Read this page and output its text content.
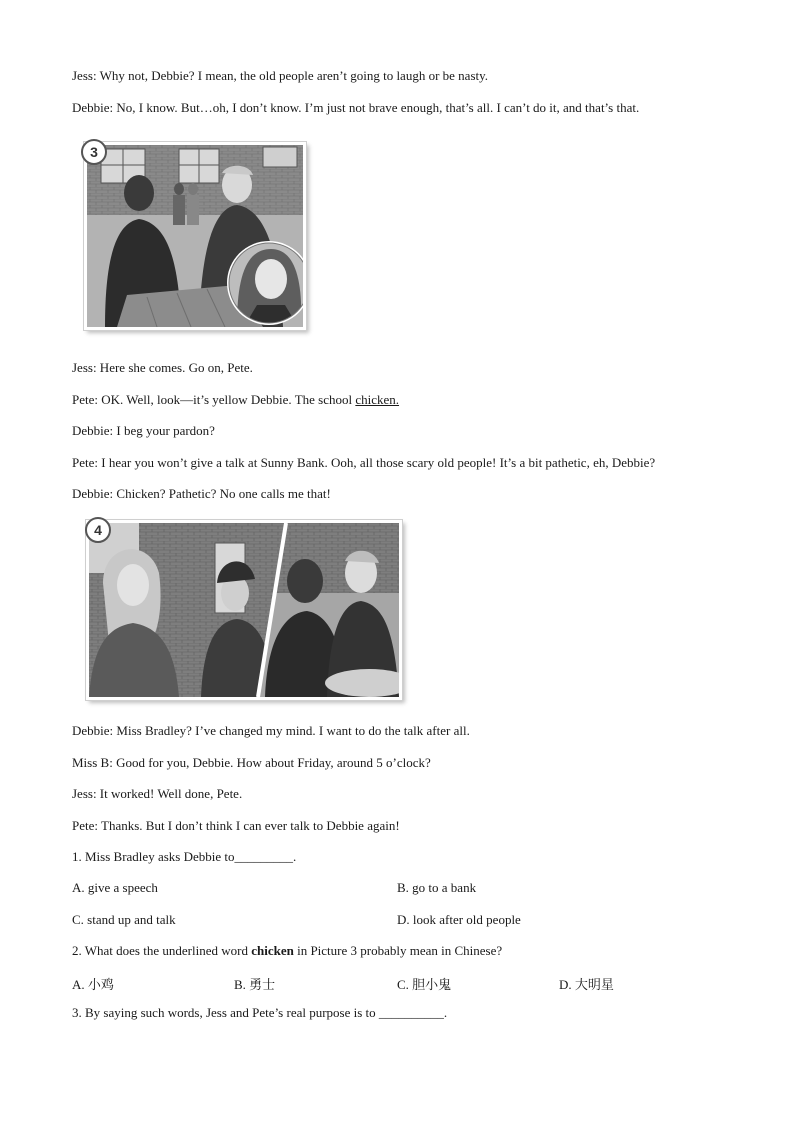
Jess: Why not, Debbie? I mean, the old people aren’t going to laugh or be nasty.
Debbie: No, I know. But…oh, I don’t know. I’m just not brave enough, that’s all. I can’t do it, and that’s that.
3
Jess: Here she comes. Go on, Pete.
Pete: OK. Well, look—it’s yellow Debbie. The school chicken.
Debbie: I beg your pardon?
Pete: I hear you won’t give a talk at Sunny Bank. Ooh, all those scary old people! It’s a bit pathetic, eh, Debbie?
Debbie: Chicken? Pathetic? No one calls me that!
4
Debbie: Miss Bradley? I’ve changed my mind. I want to do the talk after all.
Miss B: Good for you, Debbie. How about Friday, around 5 o’clock?
Jess: It worked! Well done, Pete.
Pete: Thanks. But I don’t think I can ever talk to Debbie again!
1. Miss Bradley asks Debbie to_________.
A. give a speech	B. go to a bank
C. stand up and talk	D. look after old people
2. What does the underlined word chicken in Picture 3 probably mean in Chinese?
A. 小鸡	B. 勇士	C. 胆小鬼	D. 大明星
3. By saying such words, Jess and Pete’s real purpose is to __________.
